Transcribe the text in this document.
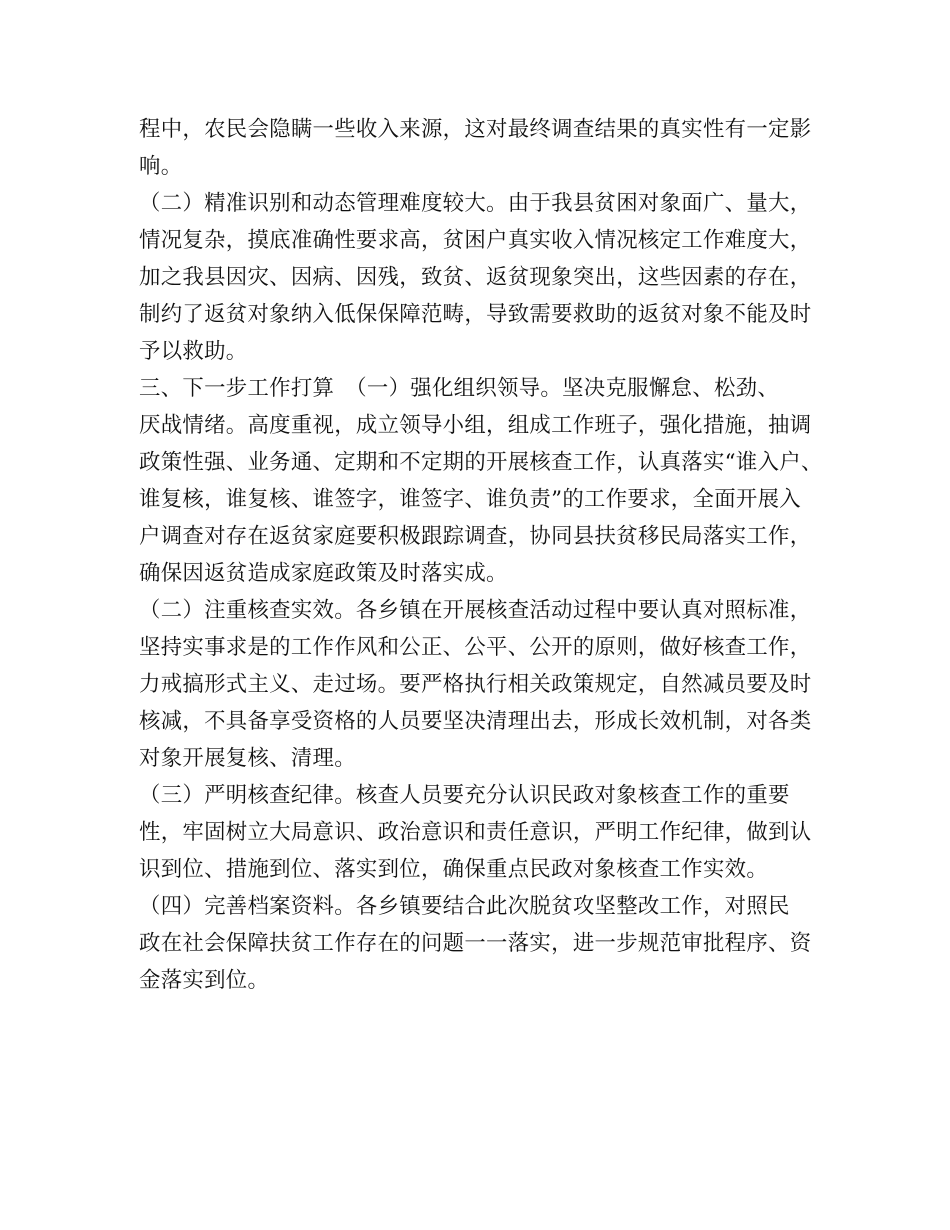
程中，农民会隐瞒一些收入来源，这对最终调查结果的真实性有一定影
响。
（二）精准识别和动态管理难度较大。由于我县贫困对象面广、量大，
情况复杂，摸底准确性要求高，贫困户真实收入情况核定工作难度大，
加之我县因灾、因病、因残，致贫、返贫现象突出，这些因素的存在，
制约了返贫对象纳入低保保障范畴，导致需要救助的返贫对象不能及时
予以救助。
三、下一步工作打算　（一）强化组织领导。坚决克服懈怠、松劲、
厌战情绪。高度重视，成立领导小组，组成工作班子，强化措施，抽调
政策性强、业务通、定期和不定期的开展核查工作，认真落实“谁入户、
谁复核，谁复核、谁签字，谁签字、谁负责”的工作要求，全面开展入
户调查对存在返贫家庭要积极跟踪调查，协同县扶贫移民局落实工作，
确保因返贫造成家庭政策及时落实成。
（二）注重核查实效。各乡镇在开展核查活动过程中要认真对照标准，
坚持实事求是的工作作风和公正、公平、公开的原则，做好核查工作，
力戒搞形式主义、走过场。要严格执行相关政策规定，自然减员要及时
核减，不具备享受资格的人员要坚决清理出去，形成长效机制，对各类
对象开展复核、清理。
（三）严明核查纪律。核查人员要充分认识民政对象核查工作的重要
性，牢固树立大局意识、政治意识和责任意识，严明工作纪律，做到认
识到位、措施到位、落实到位，确保重点民政对象核查工作实效。
（四）完善档案资料。各乡镇要结合此次脱贫攻坚整改工作，对照民
政在社会保障扶贫工作存在的问题一一落实，进一步规范审批程序、资
金落实到位。
